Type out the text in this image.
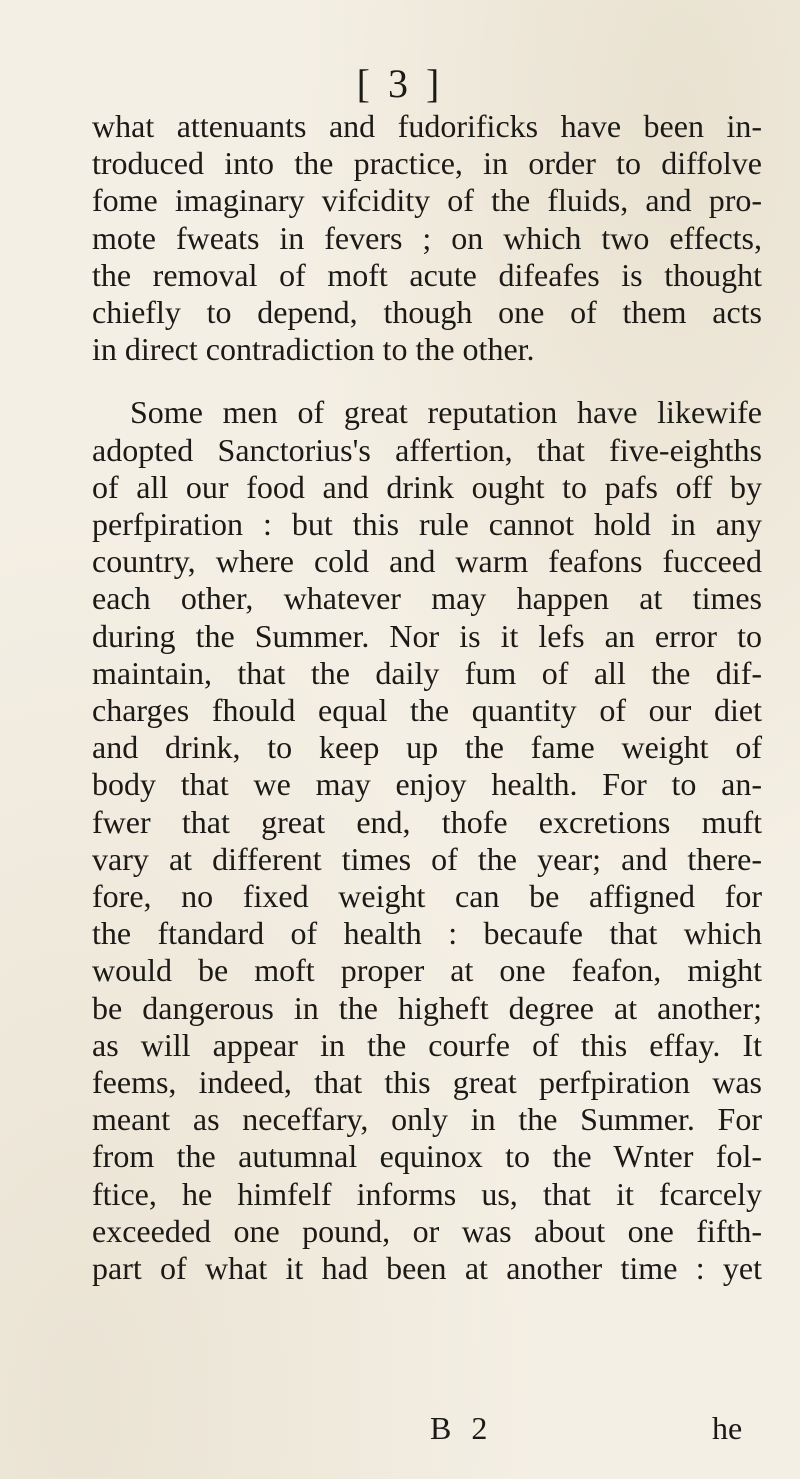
[ 3 ]
what attenuants and fudorificks have been in-
troduced into the practice, in order to diffolve
fome imaginary vifcidity of the fluids, and pro-
mote fweats in fevers ; on which two effects,
the removal of moft acute difeafes is thought
chiefly to depend, though one of them acts
in direct contradiction to the other.
Some men of great reputation have likewife
adopted Sanctorius's affertion, that five-eighths
of all our food and drink ought to pafs off by
perfpiration : but this rule cannot hold in any
country, where cold and warm feafons fucceed
each other, whatever may happen at times
during the Summer. Nor is it lefs an error to
maintain, that the daily fum of all the dif-
charges fhould equal the quantity of our diet
and drink, to keep up the fame weight of
body that we may enjoy health. For to an-
fwer that great end, thofe excretions muft
vary at different times of the year; and there-
fore, no fixed weight can be affigned for
the ftandard of health : becaufe that which
would be moft proper at one feafon, might
be dangerous in the higheft degree at another;
as will appear in the courfe of this effay. It
feems, indeed, that this great perfpiration was
meant as neceffary, only in the Summer. For
from the autumnal equinox to the Wnter fol-
ftice, he himfelf informs us, that it fcarcely
exceeded one pound, or was about one fifth-
part of what it had been at another time : yet
B 2	he
